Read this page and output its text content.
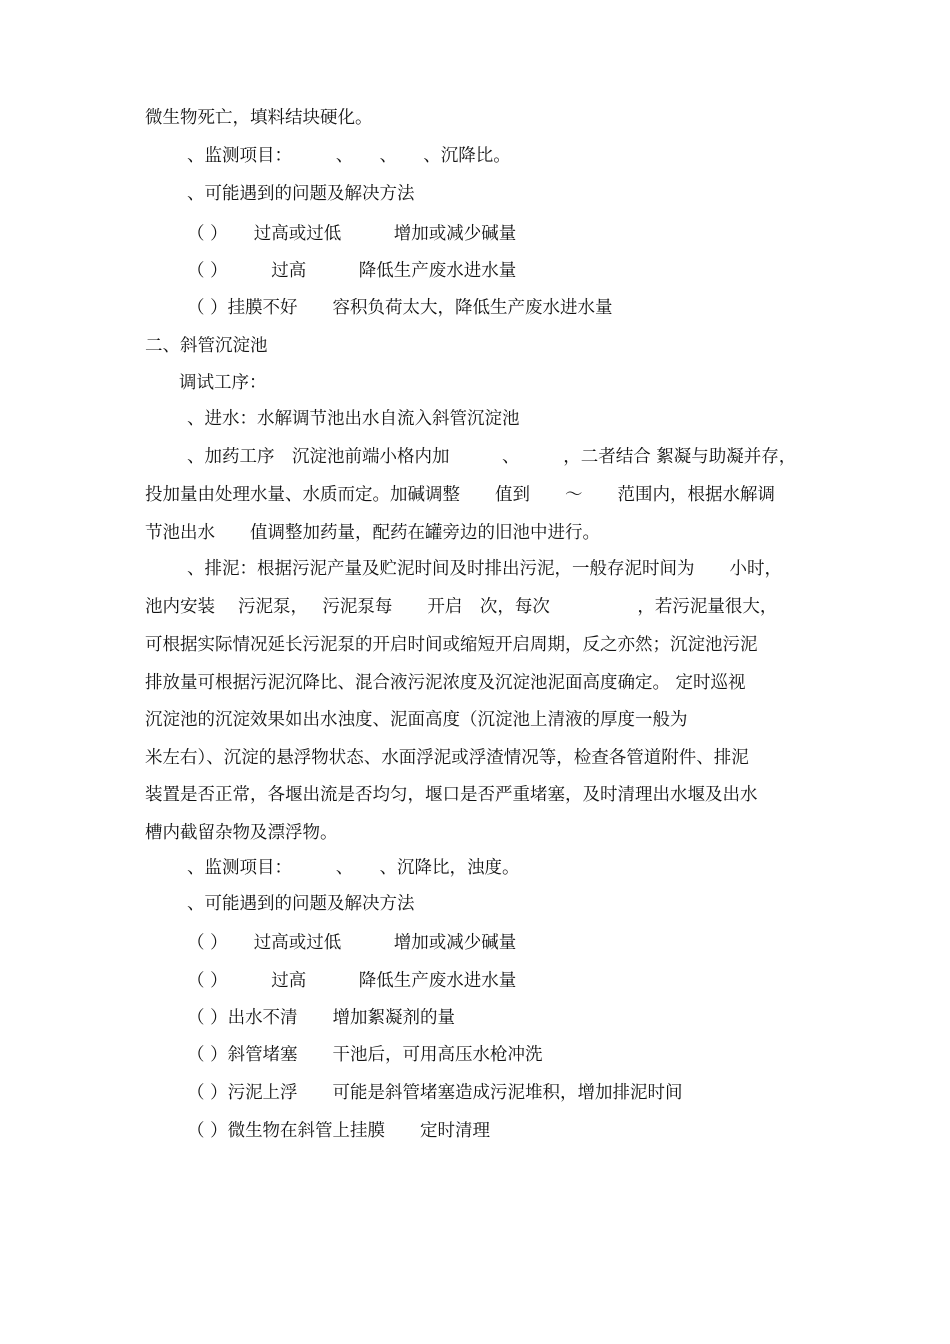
微生物死亡，填料结块硬化。

、监测项目：　　　、　　、　　、沉降比。

、可能遇到的问题及解决方法

（ ）　　过高或过低　　　增加或减少碱量

（ ）　　　过高　　　降低生产废水进水量

（ ）挂膜不好　　容积负荷太大，降低生产废水进水量

二、斜管沉淀池

调试工序：

、进水：水解调节池出水自流入斜管沉淀池

、加药工序　沉淀池前端小格内加　　　、　　　，二者结合 絮凝与助凝并存，

投加量由处理水量、水质而定。加碱调整　　值到　　～　　范围内，根据水解调

节池出水　　值调整加药量，配药在罐旁边的旧池中进行。

、排泥：根据污泥产量及贮泥时间及时排出污泥，一般存泥时间为　　小时，

池内安装　 污泥泵，　 污泥泵每　　开启　次，每次　　　　　，若污泥量很大，

可根据实际情况延长污泥泵的开启时间或缩短开启周期，反之亦然；沉淀池污泥

排放量可根据污泥沉降比、混合液污泥浓度及沉淀池泥面高度确定。 定时巡视

沉淀池的沉淀效果如出水浊度、泥面高度（沉淀池上清液的厚度一般为

米左右）、沉淀的悬浮物状态、水面浮泥或浮渣情况等，检查各管道附件、排泥

装置是否正常，各堰出流是否均匀，堰口是否严重堵塞，及时清理出水堰及出水

槽内截留杂物及漂浮物。

、监测项目：　　　、　　、沉降比，浊度。

、可能遇到的问题及解决方法

（ ）　　过高或过低　　　增加或减少碱量

（ ）　　　过高　　　降低生产废水进水量

（ ）出水不清　　增加絮凝剂的量

（ ）斜管堵塞　　干池后，可用高压水枪冲洗

（ ）污泥上浮　　可能是斜管堵塞造成污泥堆积，增加排泥时间

（ ）微生物在斜管上挂膜　　定时清理
